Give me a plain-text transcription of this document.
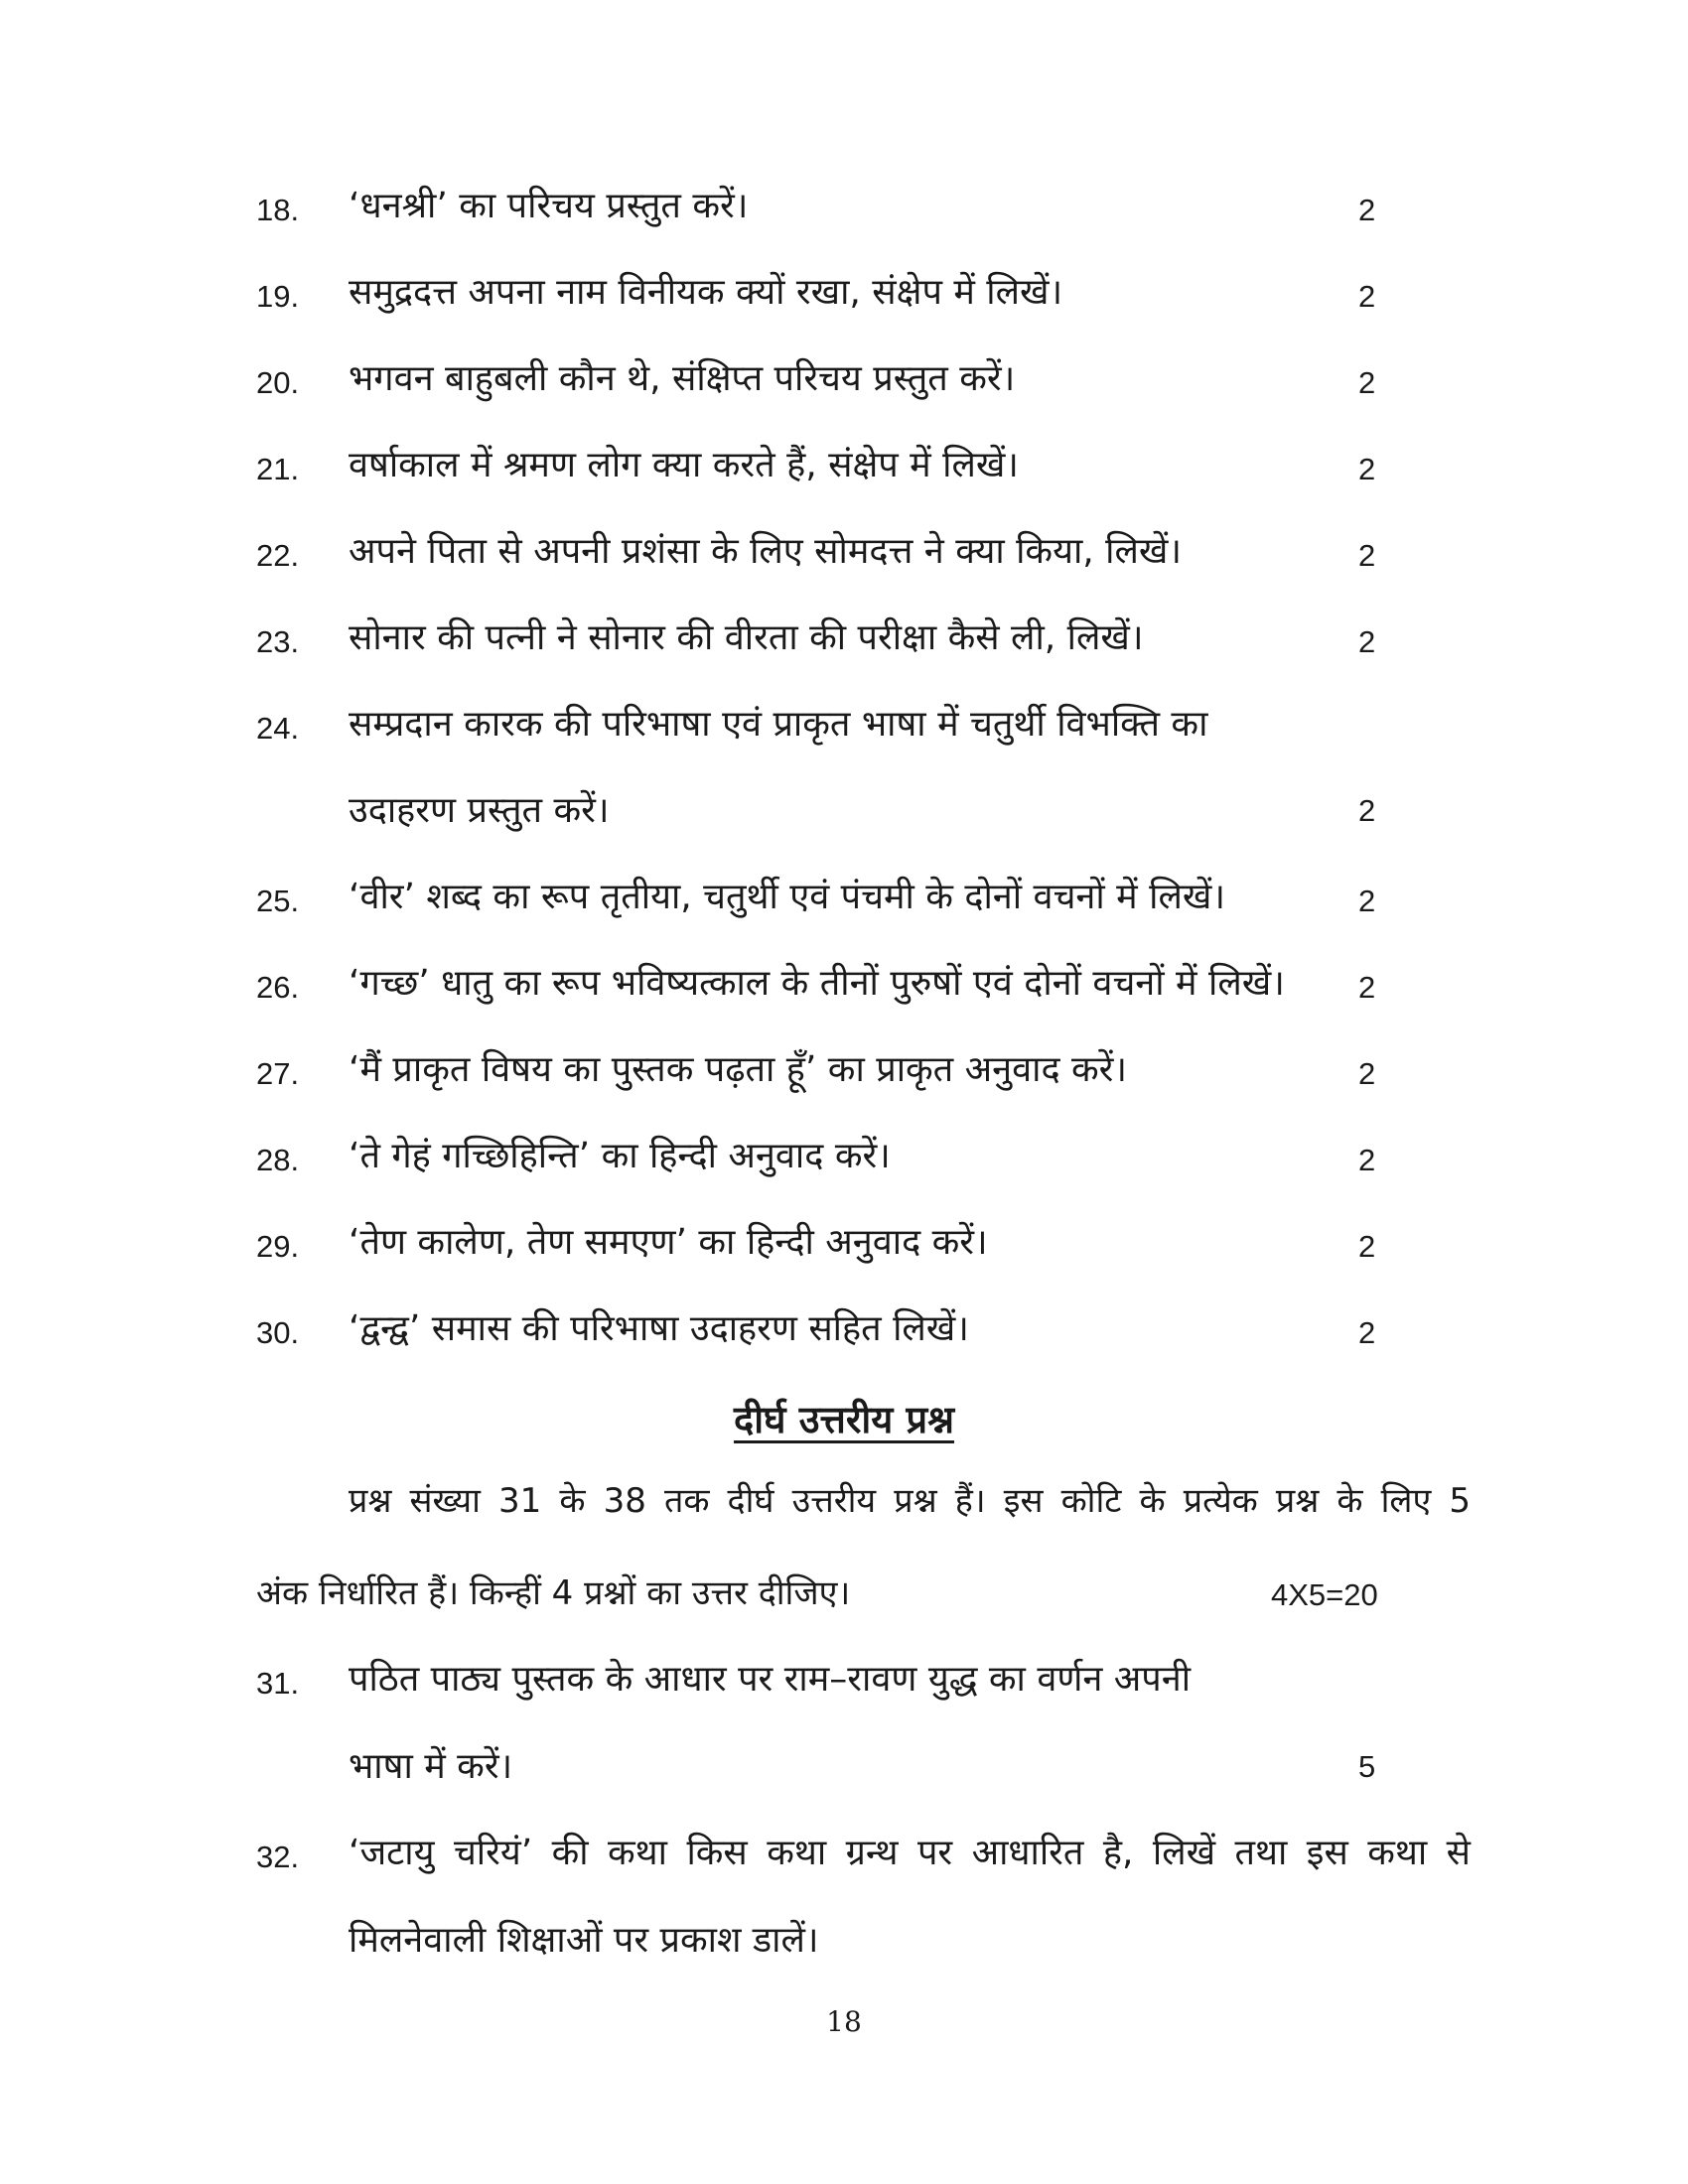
18. ‘धनश्री’ का परिचय प्रस्तुत करें।	2
19. समुद्रदत्त अपना नाम विनीयक क्यों रखा, संक्षेप में लिखें।	2
20. भगवन बाहुबली कौन थे, संक्षिप्त परिचय प्रस्तुत करें।	2
21. वर्षाकाल में श्रमण लोग क्या करते हैं, संक्षेप में लिखें।	2
22. अपने पिता से अपनी प्रशंसा के लिए सोमदत्त ने क्या किया, लिखें।	2
23. सोनार की पत्नी ने सोनार की वीरता की परीक्षा कैसे ली, लिखें।	2
24. सम्प्रदान कारक की परिभाषा एवं प्राकृत भाषा में चतुर्थी विभक्ति का
उदाहरण प्रस्तुत करें।	2
25. ‘वीर’ शब्द का रूप तृतीया, चतुर्थी एवं पंचमी के दोनों वचनों में लिखें।	2
26. ‘गच्छ’ धातु का रूप भविष्यत्काल के तीनों पुरुषों एवं दोनों वचनों में लिखें। 2
27. ‘मैं प्राकृत विषय का पुस्तक पढ़ता हूँ’ का प्राकृत अनुवाद करें।	2
28. ‘ते गेहं गच्छिहिन्ति’ का हिन्दी अनुवाद करें।	2
29. ‘तेण कालेण, तेण समएण’ का हिन्दी अनुवाद करें।	2
30. ‘द्वन्द्व’ समास की परिभाषा उदाहरण सहित लिखें।	2
दीर्घ उत्तरीय प्रश्न
प्रश्न संख्या 31 के 38 तक दीर्घ उत्तरीय प्रश्न हैं। इस कोटि के प्रत्येक प्रश्न के लिए 5
अंक निर्धारित हैं। किन्हीं 4 प्रश्नों का उत्तर दीजिए।	4X5=20
31. पठित पाठ्य पुस्तक के आधार पर राम–रावण युद्ध का वर्णन अपनी
भाषा में करें।	5
32. ‘जटायु चरियं’ की कथा किस कथा ग्रन्थ पर आधारित है, लिखें तथा इस कथा से
मिलनेवाली शिक्षाओं पर प्रकाश डालें।
18
